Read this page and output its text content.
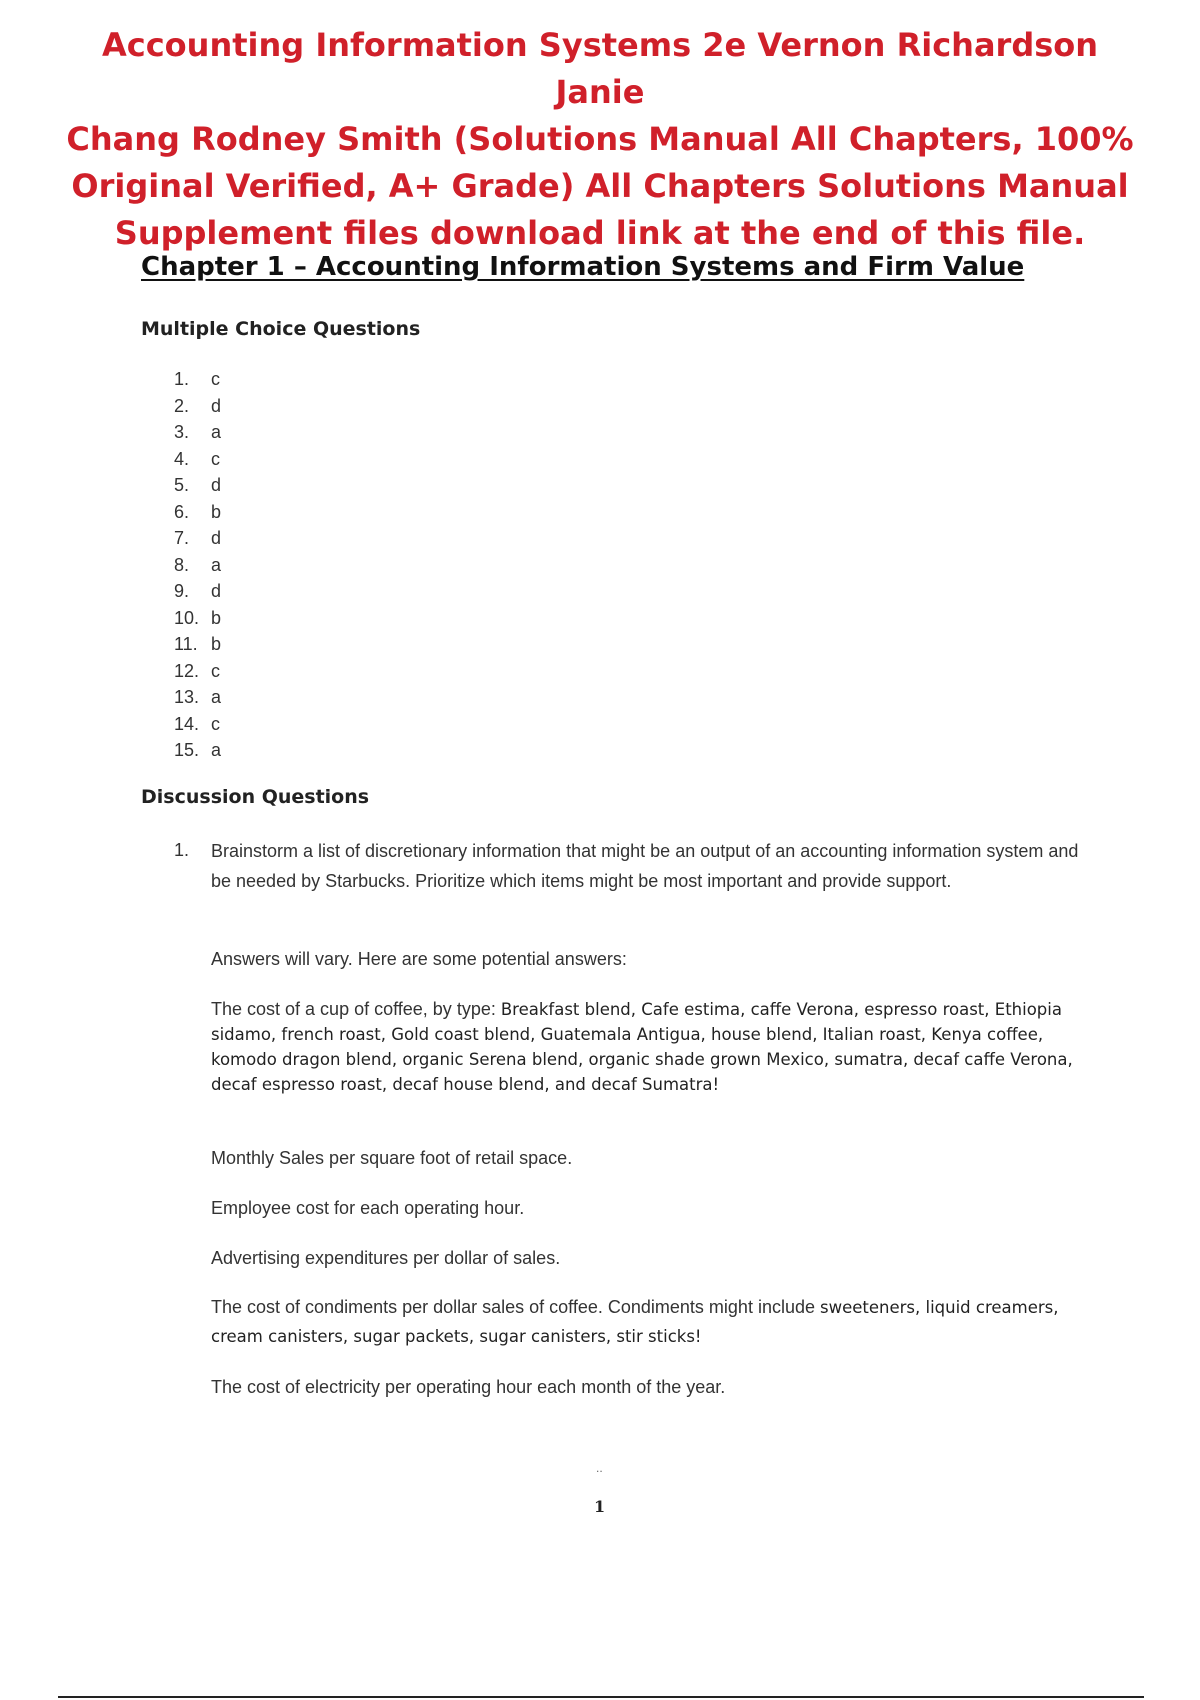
Accounting Information Systems 2e Vernon Richardson Janie
Chang Rodney Smith (Solutions Manual All Chapters, 100%
Original Verified, A+ Grade) All Chapters Solutions Manual
Supplement files download link at the end of this file.
Chapter 1 – Accounting Information Systems and Firm Value
Multiple Choice Questions
1.	c
2.	d
3.	a
4.	c
5.	d
6.	b
7.	d
8.	a
9.	d
10. b
11. b
12. c
13. a
14. c
15. a
Discussion Questions
1. Brainstorm a list of discretionary information that might be an output of an accounting information system and be needed by Starbucks. Prioritize which items might be most important and provide support.
Answers will vary. Here are some potential answers:
The cost of a cup of coffee, by type: Breakfast blend, Cafe estima, caffe Verona, espresso roast, Ethiopia sidamo, french roast, Gold coast blend, Guatemala Antigua, house blend, Italian roast, Kenya coffee, komodo dragon blend, organic Serena blend, organic shade grown Mexico, sumatra, decaf caffe Verona, decaf espresso roast, decaf house blend, and decaf Sumatra!
Monthly Sales per square foot of retail space.
Employee cost for each operating hour.
Advertising expenditures per dollar of sales.
The cost of condiments per dollar sales of coffee. Condiments might include sweeteners, liquid creamers, cream canisters, sugar packets, sugar canisters, stir sticks!
The cost of electricity per operating hour each month of the year.
..
1
